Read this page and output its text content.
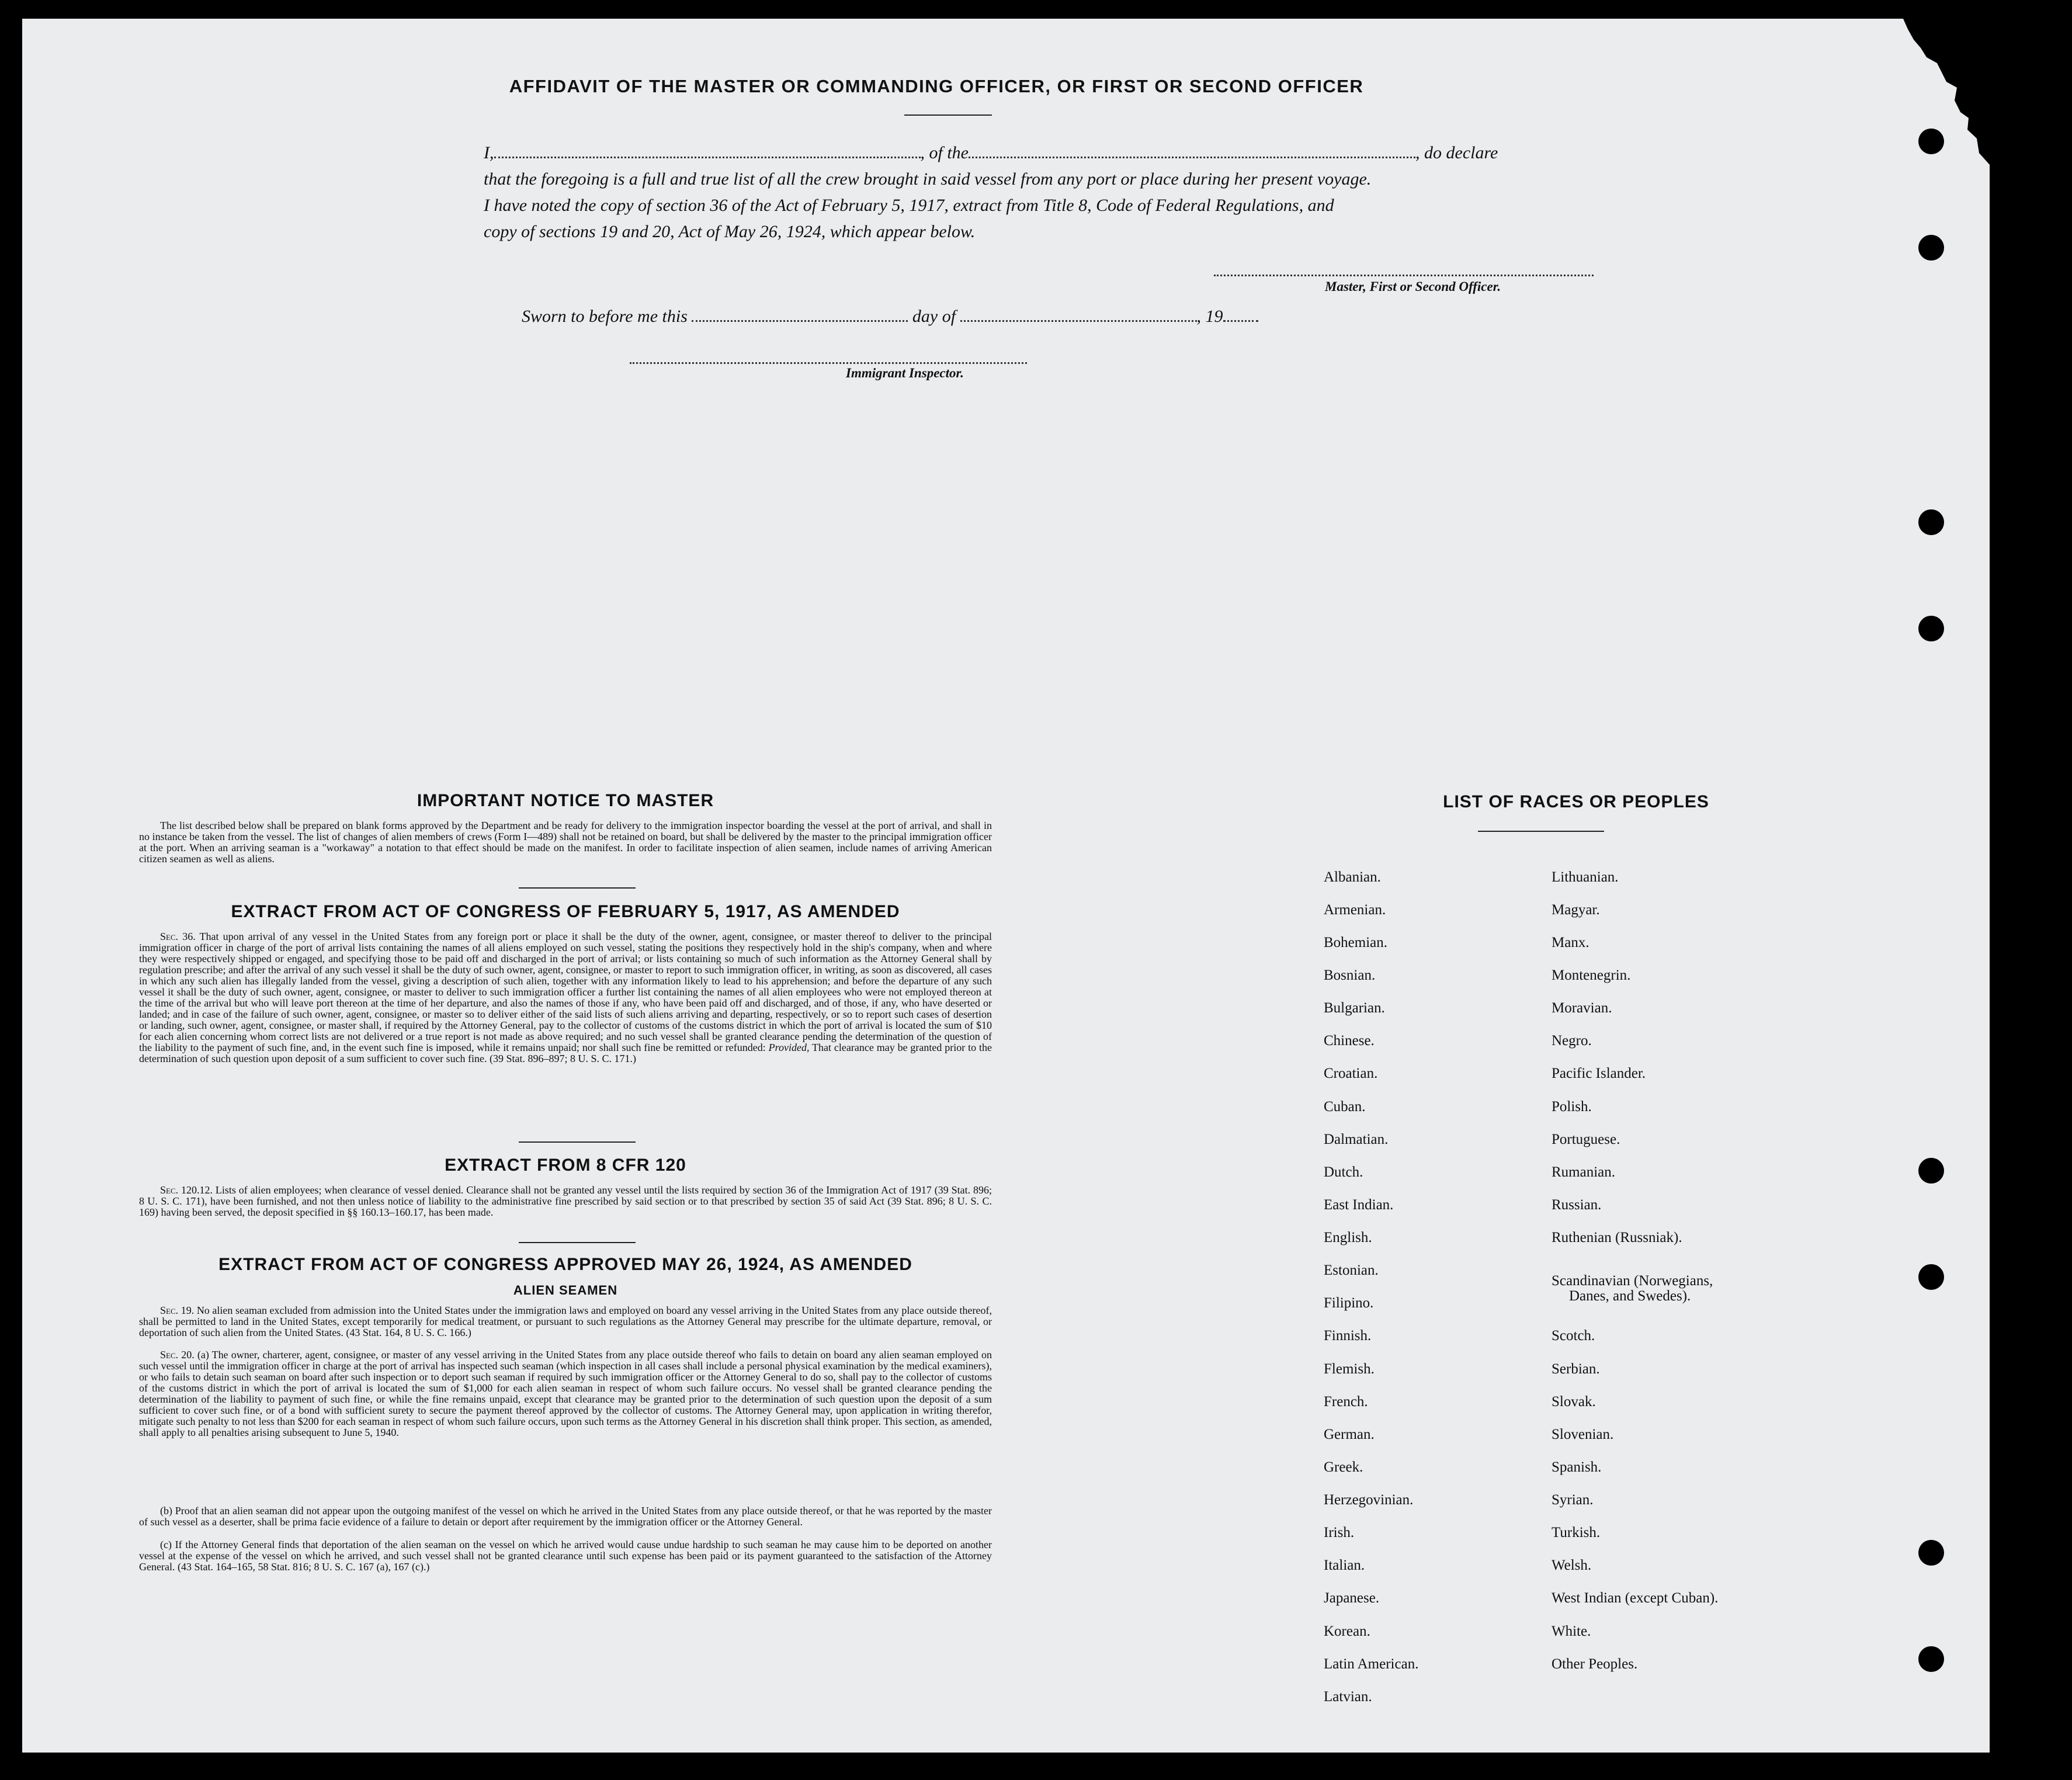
AFFIDAVIT OF THE MASTER OR COMMANDING OFFICER, OR FIRST OR SECOND OFFICER
I,	, of the	, do declare
that the foregoing is a full and true list of all the crew brought in said vessel from any port or place during her present voyage.
I have noted the copy of section 36 of the Act of February 5, 1917, extract from Title 8, Code of Federal Regulations, and
copy of sections 19 and 20, Act of May 26, 1924, which appear below.
Master, First or Second Officer.
Sworn to before me this	day of	, 19
Immigrant Inspector.
IMPORTANT NOTICE TO MASTER
The list described below shall be prepared on blank forms approved by the Department and be ready for delivery to the immigration inspector boarding the vessel at the port of arrival, and shall in no instance be taken from the vessel. The list of changes of alien members of crews (Form I—489) shall not be retained on board, but shall be delivered by the master to the principal immigration officer at the port. When an arriving seaman is a "workaway" a notation to that effect should be made on the manifest. In order to facilitate inspection of alien seamen, include names of arriving American citizen seamen as well as aliens.
EXTRACT FROM ACT OF CONGRESS OF FEBRUARY 5, 1917, AS AMENDED
Sec. 36. That upon arrival of any vessel in the United States from any foreign port or place it shall be the duty of the owner, agent, consignee, or master thereof to deliver to the principal immigration officer in charge of the port of arrival lists containing the names of all aliens employed on such vessel, stating the positions they respectively hold in the ship's company, when and where they were respectively shipped or engaged, and specifying those to be paid off and discharged in the port of arrival; or lists containing so much of such information as the Attorney General shall by regulation prescribe; and after the arrival of any such vessel it shall be the duty of such owner, agent, consignee, or master to report to such immigration officer, in writing, as soon as discovered, all cases in which any such alien has illegally landed from the vessel, giving a description of such alien, together with any information likely to lead to his apprehension; and before the departure of any such vessel it shall be the duty of such owner, agent, consignee, or master to deliver to such immigration officer a further list containing the names of all alien employees who were not employed thereon at the time of the arrival but who will leave port thereon at the time of her departure, and also the names of those if any, who have been paid off and discharged, and of those, if any, who have deserted or landed; and in case of the failure of such owner, agent, consignee, or master so to deliver either of the said lists of such aliens arriving and departing, respectively, or so to report such cases of desertion or landing, such owner, agent, consignee, or master shall, if required by the Attorney General, pay to the collector of customs of the customs district in which the port of arrival is located the sum of $10 for each alien concerning whom correct lists are not delivered or a true report is not made as above required; and no such vessel shall be granted clearance pending the determination of the question of the liability to the payment of such fine, and, in the event such fine is imposed, while it remains unpaid; nor shall such fine be remitted or refunded: Provided, That clearance may be granted prior to the determination of such question upon deposit of a sum sufficient to cover such fine. (39 Stat. 896–897; 8 U. S. C. 171.)
EXTRACT FROM 8 CFR 120
Sec. 120.12. Lists of alien employees; when clearance of vessel denied. Clearance shall not be granted any vessel until the lists required by section 36 of the Immigration Act of 1917 (39 Stat. 896; 8 U. S. C. 171), have been furnished, and not then unless notice of liability to the administrative fine prescribed by said section or to that prescribed by section 35 of said Act (39 Stat. 896; 8 U. S. C. 169) having been served, the deposit specified in §§ 160.13–160.17, has been made.
EXTRACT FROM ACT OF CONGRESS APPROVED MAY 26, 1924, AS AMENDED
ALIEN SEAMEN
Sec. 19. No alien seaman excluded from admission into the United States under the immigration laws and employed on board any vessel arriving in the United States from any place outside thereof, shall be permitted to land in the United States, except temporarily for medical treatment, or pursuant to such regulations as the Attorney General may prescribe for the ultimate departure, removal, or deportation of such alien from the United States. (43 Stat. 164, 8 U. S. C. 166.)
Sec. 20. (a) The owner, charterer, agent, consignee, or master of any vessel arriving in the United States from any place outside thereof who fails to detain on board any alien seaman employed on such vessel until the immigration officer in charge at the port of arrival has inspected such seaman (which inspection in all cases shall include a personal physical examination by the medical examiners), or who fails to detain such seaman on board after such inspection or to deport such seaman if required by such immigration officer or the Attorney General to do so, shall pay to the collector of customs of the customs district in which the port of arrival is located the sum of $1,000 for each alien seaman in respect of whom such failure occurs. No vessel shall be granted clearance pending the determination of the liability to payment of such fine, or while the fine remains unpaid, except that clearance may be granted prior to the determination of such question upon the deposit of a sum sufficient to cover such fine, or of a bond with sufficient surety to secure the payment thereof approved by the collector of customs. The Attorney General may, upon application in writing therefor, mitigate such penalty to not less than $200 for each seaman in respect of whom such failure occurs, upon such terms as the Attorney General in his discretion shall think proper. This section, as amended, shall apply to all penalties arising subsequent to June 5, 1940.
(b) Proof that an alien seaman did not appear upon the outgoing manifest of the vessel on which he arrived in the United States from any place outside thereof, or that he was reported by the master of such vessel as a deserter, shall be prima facie evidence of a failure to detain or deport after requirement by the immigration officer or the Attorney General.
(c) If the Attorney General finds that deportation of the alien seaman on the vessel on which he arrived would cause undue hardship to such seaman he may cause him to be deported on another vessel at the expense of the vessel on which he arrived, and such vessel shall not be granted clearance until such expense has been paid or its payment guaranteed to the satisfaction of the Attorney General. (43 Stat. 164–165, 58 Stat. 816; 8 U. S. C. 167 (a), 167 (c).)
LIST OF RACES OR PEOPLES
Albanian.
Armenian.
Bohemian.
Bosnian.
Bulgarian.
Chinese.
Croatian.
Cuban.
Dalmatian.
Dutch.
East Indian.
English.
Estonian.
Filipino.
Finnish.
Flemish.
French.
German.
Greek.
Herzegovinian.
Irish.
Italian.
Japanese.
Korean.
Latin American.
Latvian.
Lithuanian.
Magyar.
Manx.
Montenegrin.
Moravian.
Negro.
Pacific Islander.
Polish.
Portuguese.
Rumanian.
Russian.
Ruthenian (Russniak).
Scandinavian (Norwegians,
Danes, and Swedes).
Scotch.
Serbian.
Slovak.
Slovenian.
Spanish.
Syrian.
Turkish.
Welsh.
West Indian (except Cuban).
White.
Other Peoples.
